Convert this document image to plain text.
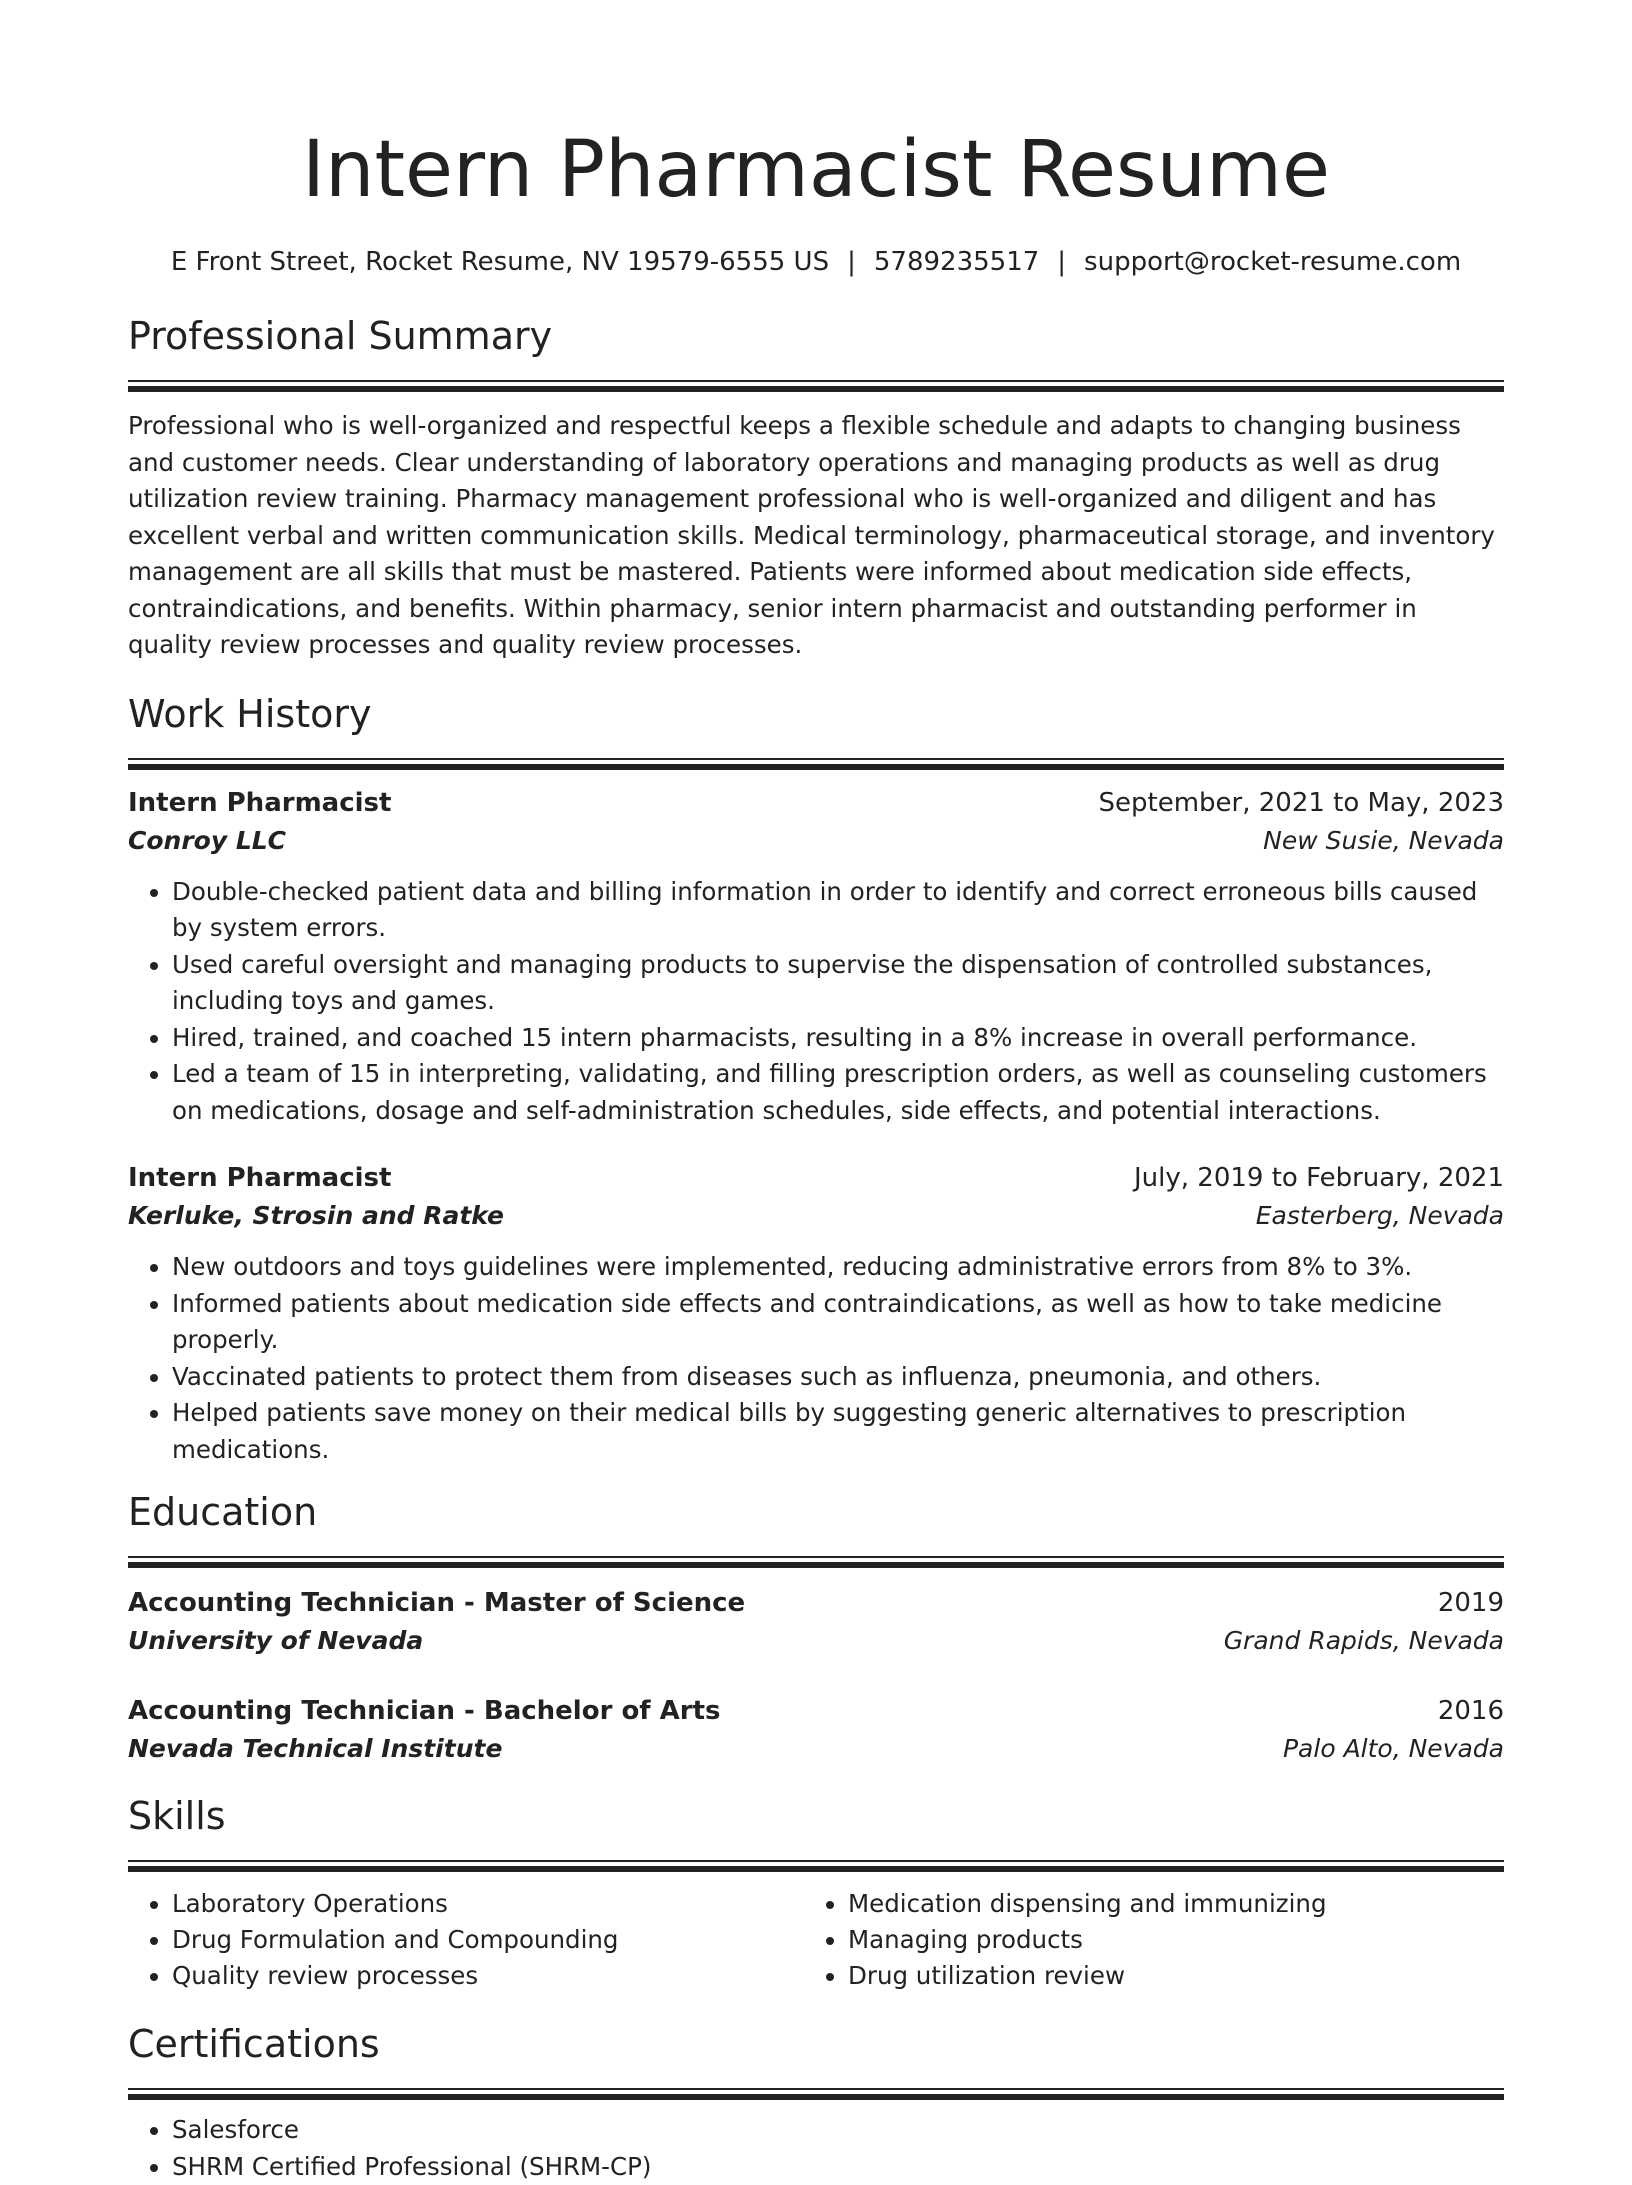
Intern Pharmacist Resume
E Front Street, Rocket Resume, NV 19579-6555 US | 5789235517 | support@rocket-resume.com
Professional Summary
Professional who is well-organized and respectful keeps a flexible schedule and adapts to changing business and customer needs. Clear understanding of laboratory operations and managing products as well as drug utilization review training. Pharmacy management professional who is well-organized and diligent and has excellent verbal and written communication skills. Medical terminology, pharmaceutical storage, and inventory management are all skills that must be mastered. Patients were informed about medication side effects, contraindications, and benefits. Within pharmacy, senior intern pharmacist and outstanding performer in quality review processes and quality review processes.
Work History
Intern Pharmacist	September, 2021 to May, 2023
Conroy LLC	New Susie, Nevada
• Double-checked patient data and billing information in order to identify and correct erroneous bills caused by system errors.
• Used careful oversight and managing products to supervise the dispensation of controlled substances, including toys and games.
• Hired, trained, and coached 15 intern pharmacists, resulting in a 8% increase in overall performance.
• Led a team of 15 in interpreting, validating, and filling prescription orders, as well as counseling customers on medications, dosage and self-administration schedules, side effects, and potential interactions.
Intern Pharmacist	July, 2019 to February, 2021
Kerluke, Strosin and Ratke	Easterberg, Nevada
• New outdoors and toys guidelines were implemented, reducing administrative errors from 8% to 3%.
• Informed patients about medication side effects and contraindications, as well as how to take medicine properly.
• Vaccinated patients to protect them from diseases such as influenza, pneumonia, and others.
• Helped patients save money on their medical bills by suggesting generic alternatives to prescription medications.
Education
Accounting Technician - Master of Science	2019
University of Nevada	Grand Rapids, Nevada
Accounting Technician - Bachelor of Arts	2016
Nevada Technical Institute	Palo Alto, Nevada
Skills
• Laboratory Operations
• Drug Formulation and Compounding
• Quality review processes
• Medication dispensing and immunizing
• Managing products
• Drug utilization review
Certifications
• Salesforce
• SHRM Certified Professional (SHRM-CP)
